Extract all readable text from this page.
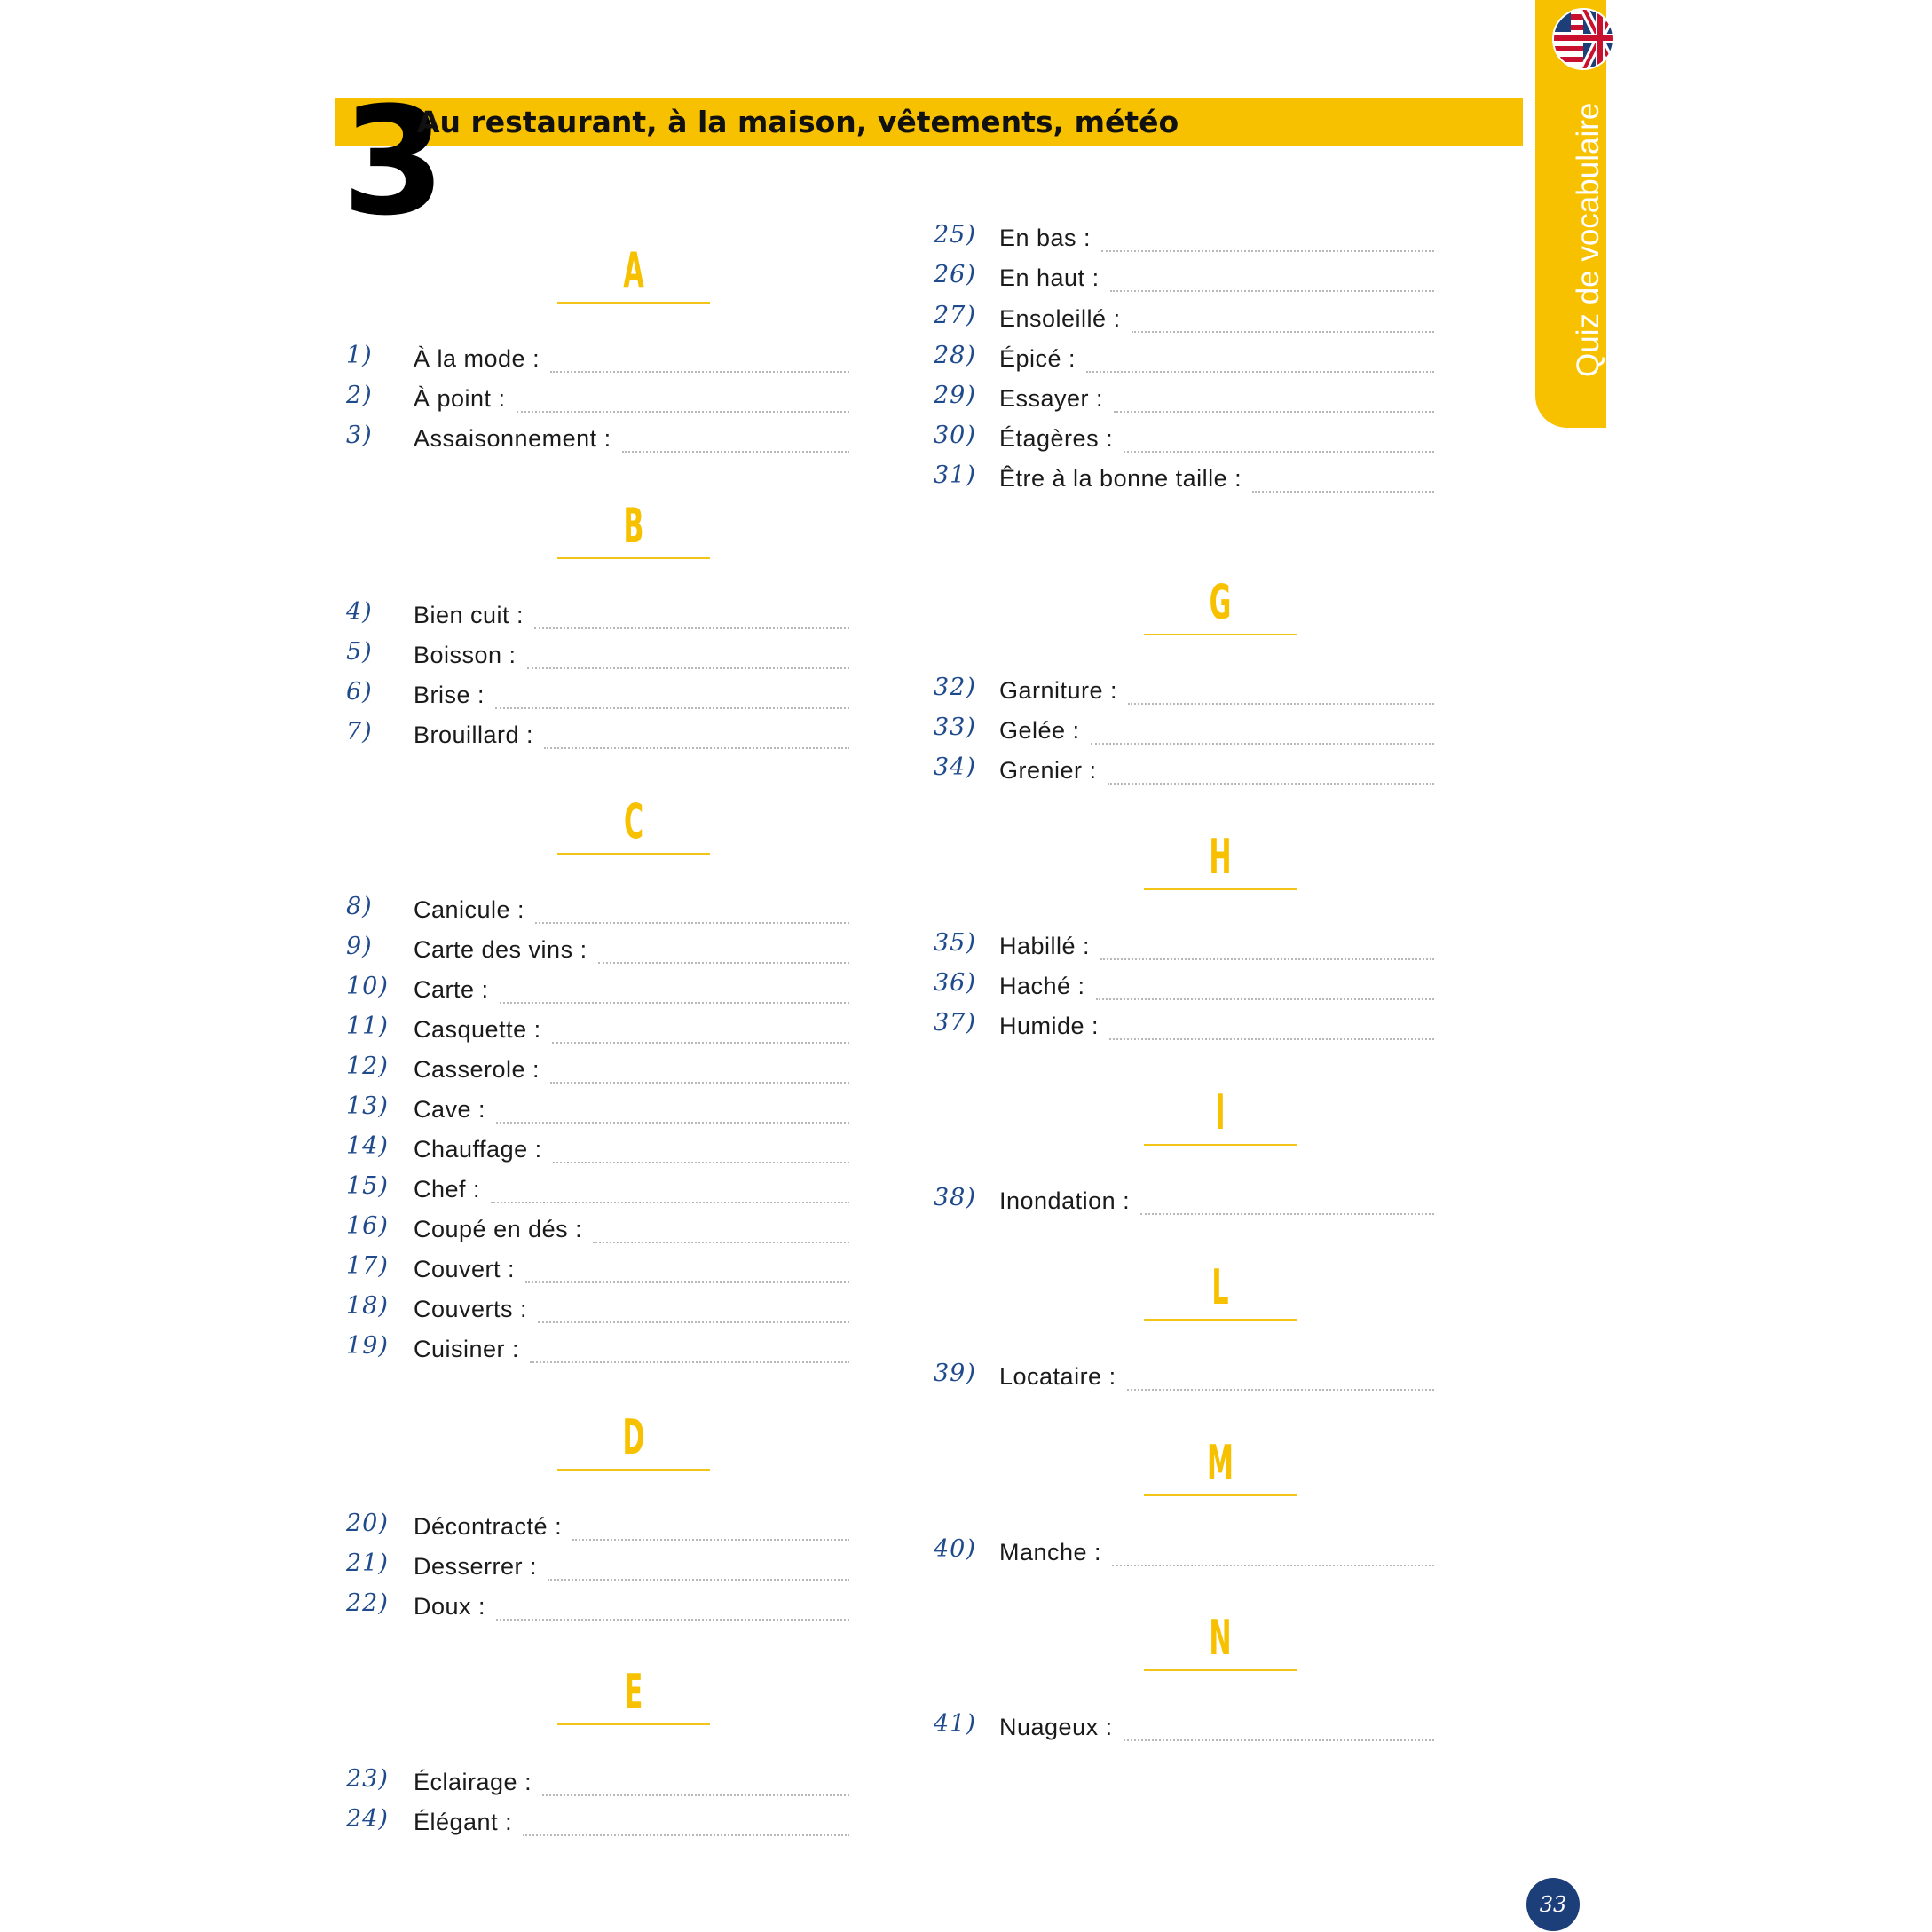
3
Au restaurant, à la maison, vêtements, météo	Quiz de vocabulaire
A
1) À la mode :
2) À point :
3) Assaisonnement :
B
4) Bien cuit :
5) Boisson :
6) Brise :
7) Brouillard :
C
8) Canicule :
9) Carte des vins :
10) Carte :
11) Casquette :
12) Casserole :
13) Cave :
14) Chauffage :
15) Chef :
16) Coupé en dés :
17) Couvert :
18) Couverts :
19) Cuisiner :
D
20) Décontracté :
21) Desserrer :
22) Doux :
E
23) Éclairage :
24) Élégant :
25) En bas :
26) En haut :
27) Ensoleillé :
28) Épicé :
29) Essayer :
30) Étagères :
31) Être à la bonne taille :
G
32) Garniture :
33) Gelée :
34) Grenier :
H
35) Habillé :
36) Haché :
37) Humide :
I
38) Inondation :
L
39) Locataire :
M
40) Manche :
N
41) Nuageux :
33
